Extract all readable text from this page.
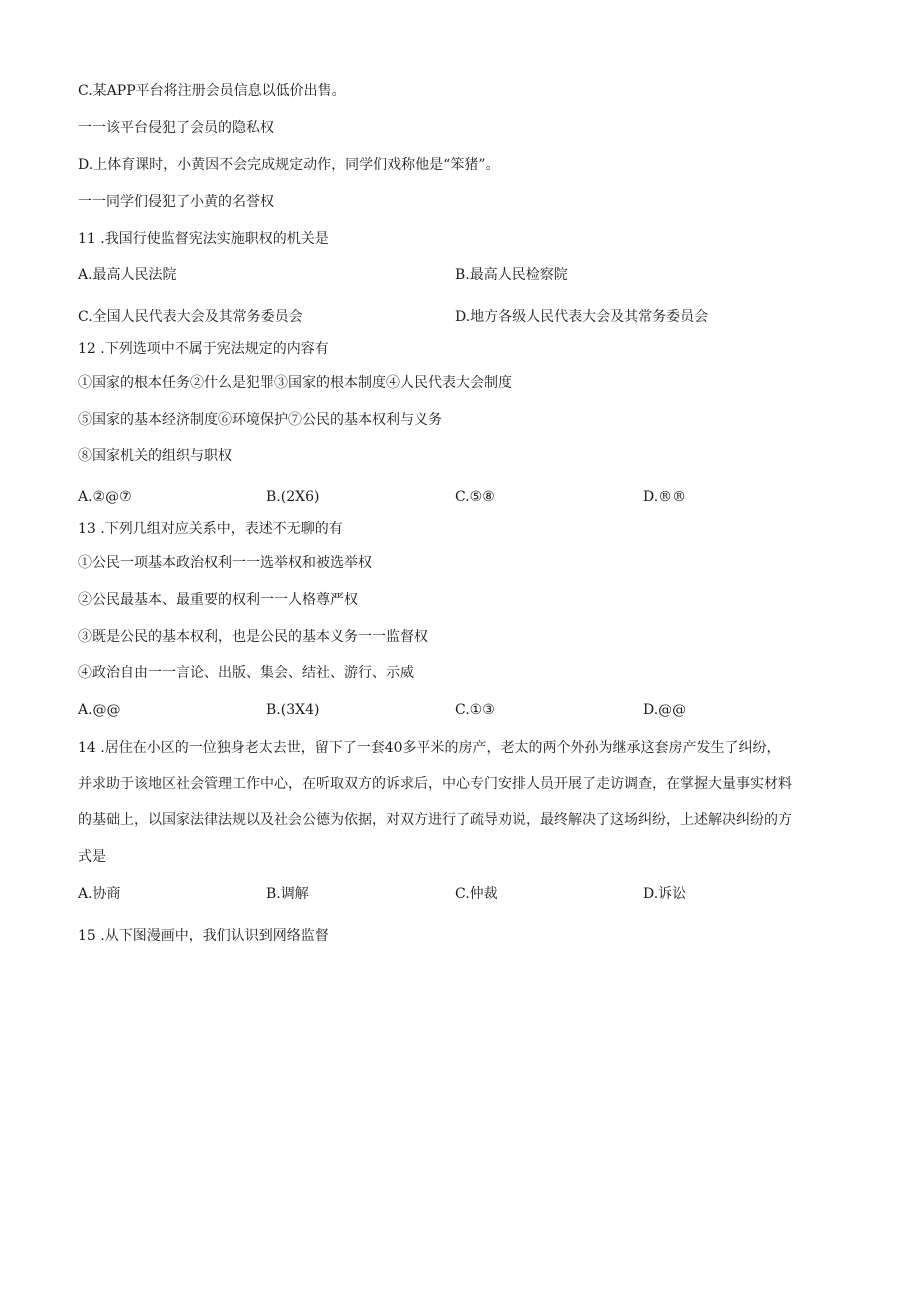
C.某APP平台将注册会员信息以低价出售。
一一该平台侵犯了会员的隐私权
D.上体育课时，小黄因不会完成规定动作，同学们戏称他是“笨猪”。
一一同学们侵犯了小黄的名誉权
11 .我国行使监督宪法实施职权的机关是
A.最高人民法院	B.最高人民检察院
C.全国人民代表大会及其常务委员会	D.地方各级人民代表大会及其常务委员会
12 .下列选项中不属于宪法规定的内容有
①国家的根本任务②什么是犯罪③国家的根本制度④人民代表大会制度
⑤国家的基本经济制度⑥环境保护⑦公民的基本权利与义务
⑧国家机关的组织与职权
A.②@⑦	B.(2X6)	C.⑤⑧	D.®®
13 .下列几组对应关系中，表述不无聊的有
①公民一项基本政治权利一一选举权和被选举权
②公民最基本、最重要的权利一一人格尊严权
③既是公民的基本权利，也是公民的基本义务一一监督权
④政治自由一一言论、出版、集会、结社、游行、示威
A.@@	B.(3X4)	C.①③	D.@@
14 .居住在小区的一位独身老太去世，留下了一套40多平米的房产，老太的两个外孙为继承这套房产发生了纠纷，
并求助于该地区社会管理工作中心，在听取双方的诉求后，中心专门安排人员开展了走访调查，在掌握大量事实材料
的基础上，以国家法律法规以及社会公德为依据，对双方进行了疏导劝说，最终解决了这场纠纷，上述解决纠纷的方
式是
A.协商	B.调解	C.仲裁	D.诉讼
15 .从下图漫画中，我们认识到网络监督
